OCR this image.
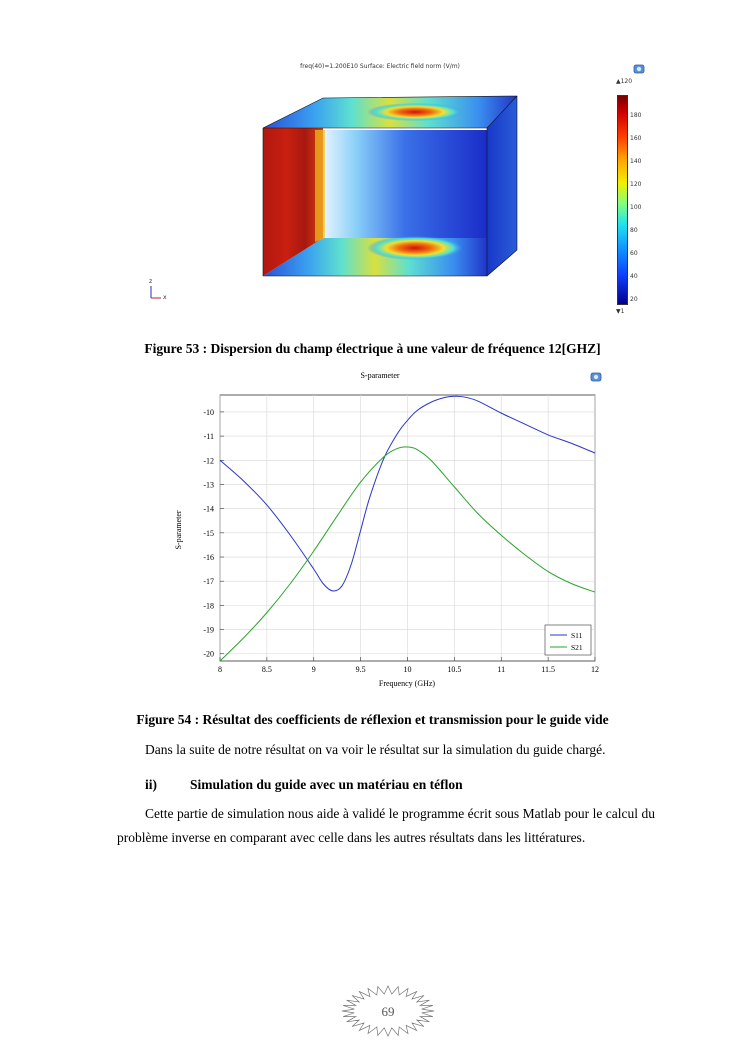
freq(40)=1.200E10 Surface: Electric field norm (V/m)
▲120
180
160
140
120
100
80
60
40
20
▼1
z
x
Figure 53 : Dispersion du champ électrique à une valeur de fréquence 12[GHZ]
S-parameter
8	8.5	9	9.5	10	10.5	11	11.5	12
-10
-11
-12
-13
-14
-15
-16
-17
-18
-19
-20
Frequency (GHz)
S-parameter
S11
S21
Figure 54 : Résultat des coefficients de réflexion et transmission pour le guide vide
Dans la suite de notre résultat on va voir le résultat sur la simulation du guide chargé.
ii) Simulation du guide avec un matériau en téflon
Cette partie de simulation nous aide à validé le programme écrit sous Matlab pour le calcul du problème inverse en comparant avec celle dans les autres résultats dans les littératures.
69
